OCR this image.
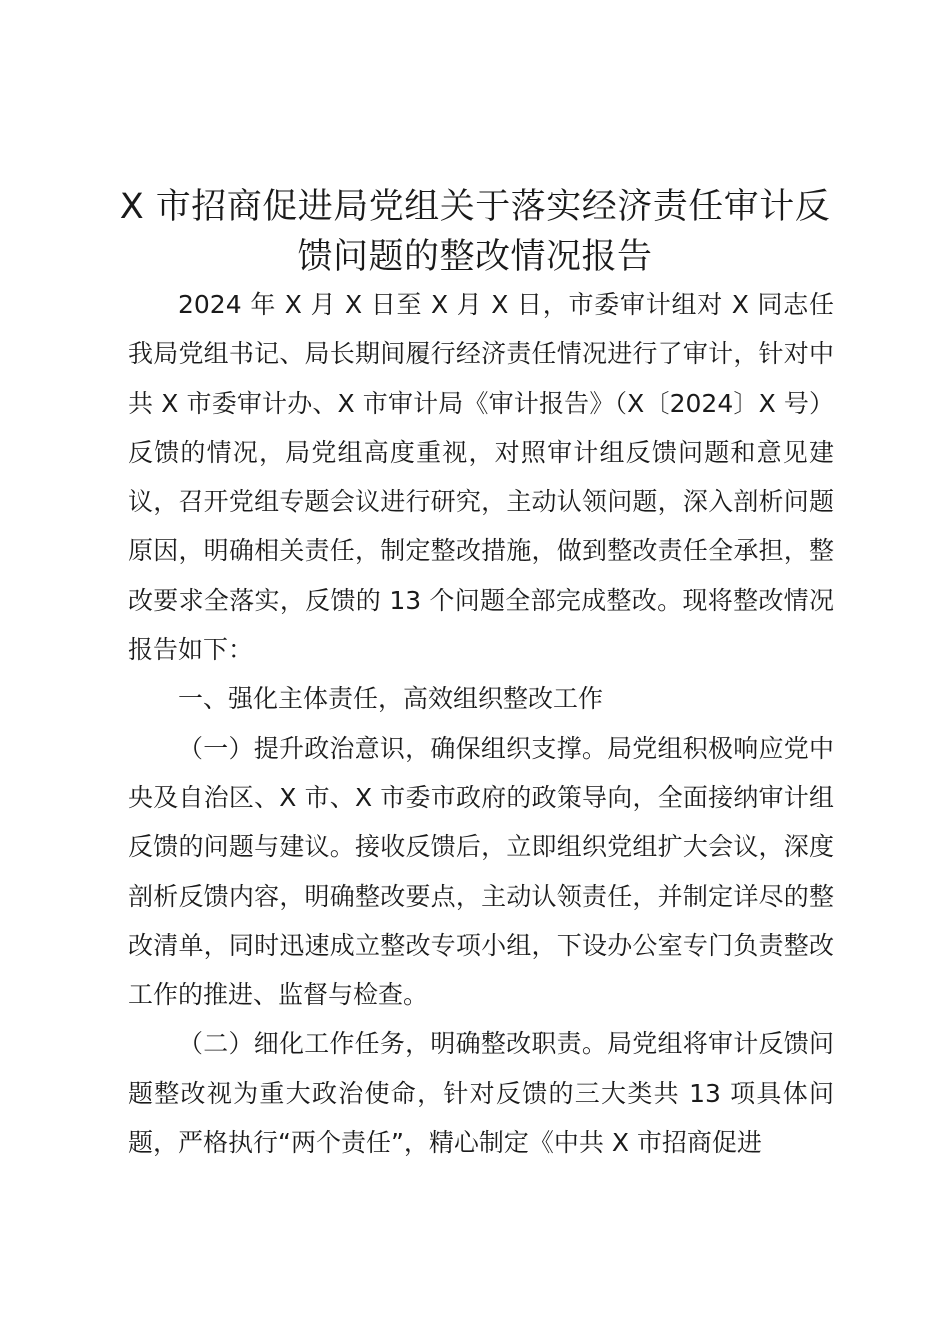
X 市招商促进局党组关于落实经济责任审计反馈问题的整改情况报告

2024 年 X 月 X 日至 X 月 X 日，市委审计组对 X 同志任我局党组书记、局长期间履行经济责任情况进行了审计，针对中共 X 市委审计办、X 市审计局《审计报告》（X〔2024〕X 号）反馈的情况，局党组高度重视，对照审计组反馈问题和意见建议，召开党组专题会议进行研究，主动认领问题，深入剖析问题原因，明确相关责任，制定整改措施，做到整改责任全承担，整改要求全落实，反馈的 13 个问题全部完成整改。现将整改情况报告如下：

一、强化主体责任，高效组织整改工作

（一）提升政治意识，确保组织支撑。局党组积极响应党中央及自治区、X 市、X 市委市政府的政策导向，全面接纳审计组反馈的问题与建议。接收反馈后，立即组织党组扩大会议，深度剖析反馈内容，明确整改要点，主动认领责任，并制定详尽的整改清单，同时迅速成立整改专项小组，下设办公室专门负责整改工作的推进、监督与检查。

（二）细化工作任务，明确整改职责。局党组将审计反馈问题整改视为重大政治使命，针对反馈的三大类共 13 项具体问题，严格执行“两个责任”，精心制定《中共 X 市招商促进
